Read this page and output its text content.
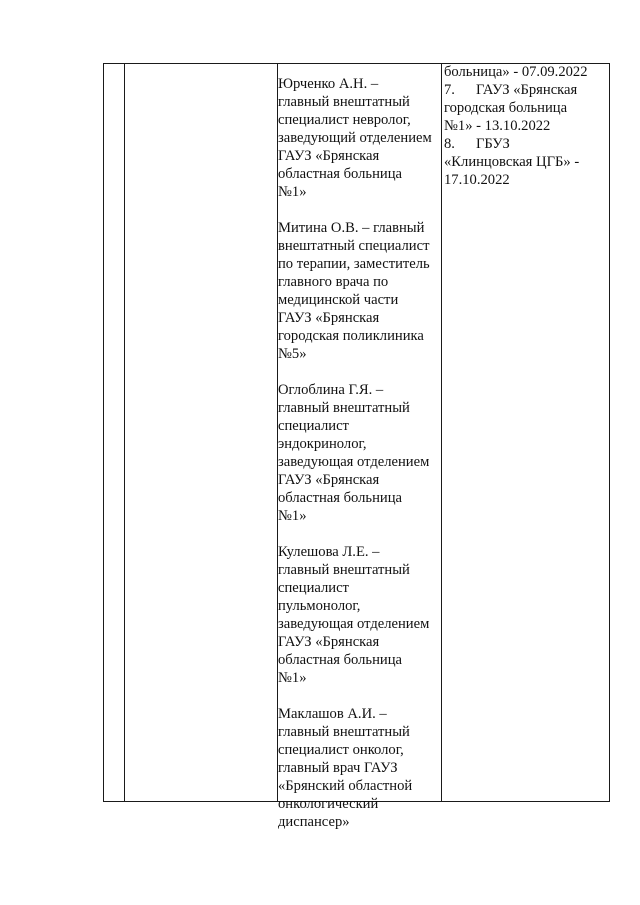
Юрченко А.Н. –
главный внештатный
специалист невролог,
заведующий отделением
ГАУЗ «Брянская
областная больница
№1»
Митина О.В. – главный
внештатный специалист
по терапии, заместитель
главного врача по
медицинской части
ГАУЗ «Брянская
городская поликлиника
№5»
Оглоблина Г.Я. –
главный внештатный
специалист
эндокринолог,
заведующая отделением
ГАУЗ «Брянская
областная больница
№1»
Кулешова Л.Е. –
главный внештатный
специалист
пульмонолог,
заведующая отделением
ГАУЗ «Брянская
областная больница
№1»
Маклашов А.И. –
главный внештатный
специалист онколог,
главный врач ГАУЗ
«Брянский областной
онкологический
диспансер»
больница» - 07.09.2022
7. ГАУЗ «Брянская
городская больница
№1» - 13.10.2022
8. ГБУЗ
«Клинцовская ЦГБ» -
17.10.2022
